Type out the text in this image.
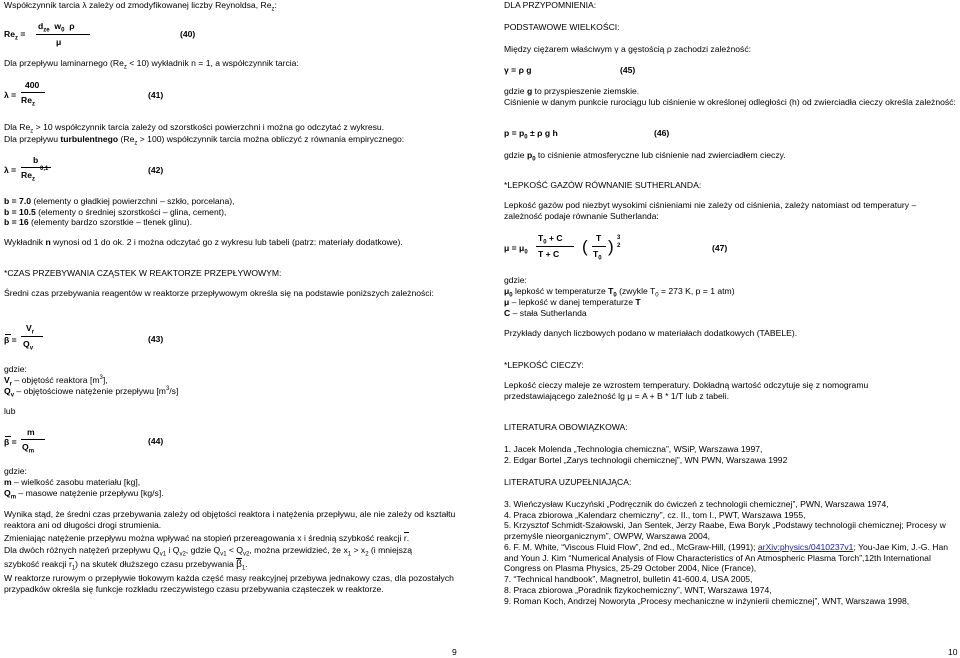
Współczynnik tarcia λ zależy od zmodyfikowanej liczby Reynoldsa, $Re_z$:
$Re_z$ =
$d_{ze}$ $w_0$ ρ
μ
(40)
Dla przepływu laminarnego $(Re_z < 10)$ wykładnik n = 1, a współczynnik tarcia:
λ =
400
$Re_z$
(41)
Dla $Re_z > 10$ współczynnik tarcia zależy od szorstkości powierzchni i można go odczytać z wykresu.
Dla przepływu turbulentnego $(Re_z > 100)$ współczynnik tarcia można obliczyć z równania empirycznego:
λ =
b
$Re_z$
0,1	(42)
b = 7.0 (elementy o gładkiej powierzchni – szkło, porcelana),
b = 10.5 (elementy o średniej szorstkości – glina, cement),
b = 16 (elementy bardzo szorstkie – tlenek glinu).
Wykładnik n wynosi od 1 do ok. 2 i można odczytać go z wykresu lub tabeli (patrz: materiały dodatkowe).
*CZAS PRZEBYWANIA CZĄSTEK W REAKTORZE PRZEPŁYWOWYM:
Średni czas przebywania reagentów w reaktorze przepływowym określa się na podstawie poniższych zależności:
β =
$V_r$
$Q_v$
(43)
gdzie:
$V_r$ – objętość reaktora $[m^3]$,
$Q_v$ – objętościowe natężenie przepływu $[m^3/s]$
lub
β =
m
$Q_m$
(44)
gdzie:
m – wielkość zasobu materiału [kg],
$Q_m$ – masowe natężenie przepływu [kg/s].
Wynika stąd, że średni czas przebywania zależy od objętości reaktora i natężenia przepływu, ale nie zależy od kształtu reaktora ani od długości drogi strumienia.
Zmieniając natężenie przepływu można wpływać na stopień przereagowania x i średnią szybkość reakcji r
.
Dla dwóch różnych natężeń przepływu $Q_{v1}$ i $Q_{v2}$, gdzie $Q_{v1} < Q_{v2}$, można przewidzieć, że $x_1 > x_2$ (i mniejszą
szybkość reakcji r
$_1$) na skutek dłuższego czasu przebywania β
$_1$.
W reaktorze rurowym o przepływie tłokowym każda część masy reakcyjnej przebywa jednakowy czas, dla pozostałych przypadków określa się funkcje rozkładu rzeczywistego czasu przebywania cząsteczek w reaktorze.
9
DLA PRZYPOMNIENIA:
PODSTAWOWE WIELKOŚCI:
Między ciężarem właściwym γ a gęstością ρ zachodzi zależność:
γ = ρ g	(45)
gdzie g to przyspieszenie ziemskie.
Ciśnienie w danym punkcie rurociągu lub ciśnienie w określonej odległości (h) od zwierciadła cieczy określa zależność:
$p = p_0 \pm \rho$ g h	(46)
gdzie $p_0$ to ciśnienie atmosferyczne lub ciśnienie nad zwierciadłem cieczy.
*LEPKOŚĆ GAZÓW RÓWNANIE SUTHERLANDA:
Lepkość gazów pod niezbyt wysokimi ciśnieniami nie zależy od ciśnienia, zależy natomiast od temperatury – zależność podaje równanie Sutherlanda:
$\mu = \mu_0$
$T_0 + C$
T + C ( T
$T_0$
) 3
2	(47)
gdzie:
$\mu_0$ lepkość w temperaturze $T_0$ (zwykle $T_0 = 273$ K, p = 1 atm)
μ – lepkość w danej temperaturze T
C – stała Sutherlanda
Przykłady danych liczbowych podano w materiałach dodatkowych (TABELE).
*LEPKOŚĆ CIECZY:
Lepkość cieczy maleje ze wzrostem temperatury. Dokładną wartość odczytuje się z nomogramu przedstawiającego zależność lg μ = A + B * 1/T lub z tabeli.
LITERATURA OBOWIĄZKOWA:
1. Jacek Molenda „Technologia chemiczna”, WSiP, Warszawa 1997,
2. Edgar Bortel „Zarys technologii chemicznej”, WN PWN, Warszawa 1992
LITERATURA UZUPEŁNIAJĄCA:
3. Wieńczysław Kuczyński „Podręcznik do ćwiczeń z technologii chemicznej”, PWN, Warszawa 1974,
4. Praca zbiorowa „Kalendarz chemiczny”, cz. II., tom I., PWT, Warszawa 1955,
5. Krzysztof Schmidt-Szałowski, Jan Sentek, Jerzy Raabe, Ewa Boryk „Podstawy technologii chemicznej; Procesy w przemyśle nieorganicznym”, OWPW, Warszawa 2004,
6. F. M. White, “Viscous Fluid Flow”, 2nd ed., McGraw-Hill, (1991); arXiv:physics/0410237v1; You-Jae Kim, J.-G. Han and Youn J. Kim “Numerical Analysis of Flow Characteristics of An Atmospheric Plasma Torch”,12th International Congress on Plasma Physics, 25-29 October 2004, Nice (France),
7. “Technical handbook”, Magnetrol, bulletin 41-600.4, USA 2005,
8. Praca zbiorowa „Poradnik fizykochemiczny”, WNT, Warszawa 1974,
9. Roman Koch, Andrzej Noworyta „Procesy mechaniczne w inżynierii chemicznej”, WNT, Warszawa 1998,
10
